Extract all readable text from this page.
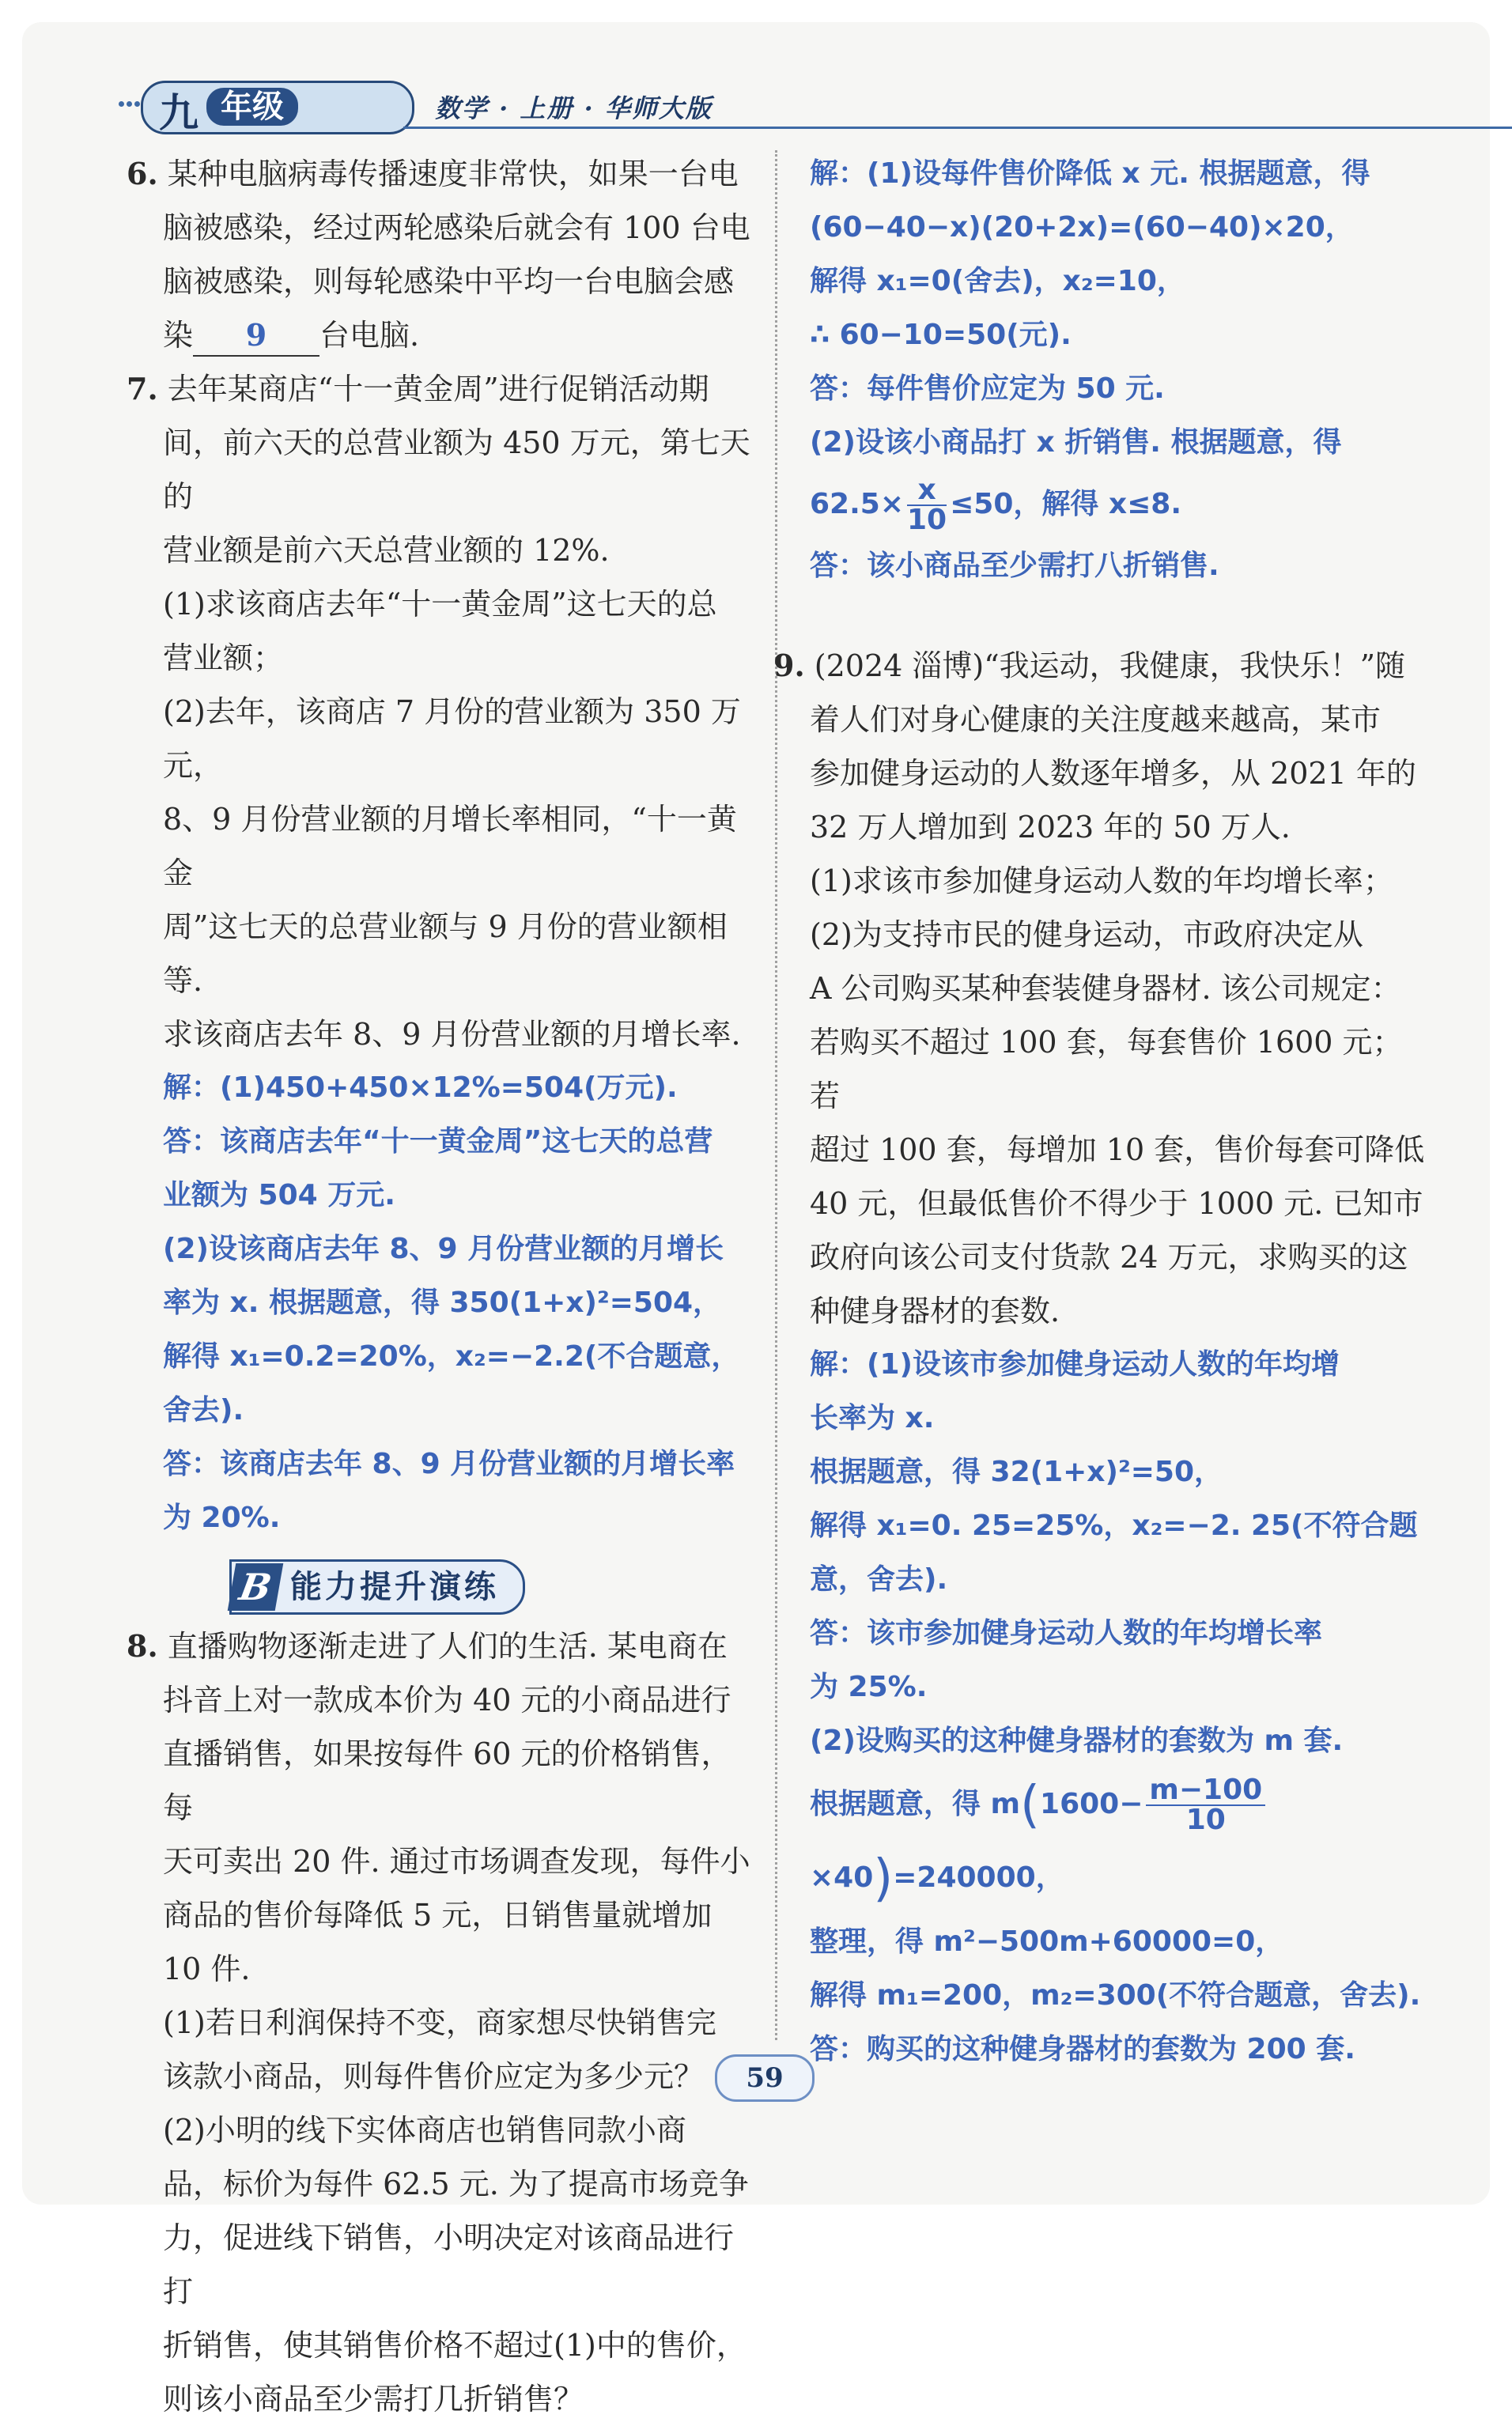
九 年级	数学 · 上册 · 华师大版

6. 某种电脑病毒传播速度非常快，如果一台电

脑被感染，经过两轮感染后就会有 100 台电

脑被感染，则每轮感染中平均一台电脑会感

染 9 台电脑.

7. 去年某商店“十一黄金周”进行促销活动期

间，前六天的总营业额为 450 万元，第七天的

营业额是前六天总营业额的 12%.

(1)求该商店去年“十一黄金周”这七天的总

营业额；

(2)去年，该商店 7 月份的营业额为 350 万元，

8、9 月份营业额的月增长率相同，“十一黄金

周”这七天的总营业额与 9 月份的营业额相等.

求该商店去年 8、9 月份营业额的月增长率.

解：(1)450+450×12%=504(万元).

答：该商店去年“十一黄金周”这七天的总营

业额为 504 万元.

(2)设该商店去年 8、9 月份营业额的月增长

率为 x. 根据题意，得 350(1+x)²=504，

解得 x₁=0.2=20%，x₂=−2.2(不合题意，舍去).

答：该商店去年 8、9 月份营业额的月增长率

为 20%.

B 能力提升演练

8. 直播购物逐渐走进了人们的生活. 某电商在

抖音上对一款成本价为 40 元的小商品进行

直播销售，如果按每件 60 元的价格销售，每

天可卖出 20 件. 通过市场调查发现，每件小

商品的售价每降低 5 元，日销售量就增加

10 件.

(1)若日利润保持不变，商家想尽快销售完

该款小商品，则每件售价应定为多少元？

(2)小明的线下实体商店也销售同款小商

品，标价为每件 62.5 元. 为了提高市场竞争

力，促进线下销售，小明决定对该商品进行打

折销售，使其销售价格不超过(1)中的售价，

则该小商品至少需打几折销售？

解：(1)设每件售价降低 x 元. 根据题意，得

(60−40−x)(20+2x)=(60−40)×20，

解得 x₁=0(舍去)，x₂=10，

∴ 60−10=50(元).

答：每件售价应定为 50 元.

(2)设该小商品打 x 折销售. 根据题意，得

$62.5\times \frac{x}{10} \le 50$，解得 x≤8.

答：该小商品至少需打八折销售.

9. (2024 淄博)“我运动，我健康，我快乐！”随

着人们对身心健康的关注度越来越高，某市

参加健身运动的人数逐年增多，从 2021 年的

32 万人增加到 2023 年的 50 万人.

(1)求该市参加健身运动人数的年均增长率；

(2)为支持市民的健身运动，市政府决定从

A 公司购买某种套装健身器材. 该公司规定：

若购买不超过 100 套，每套售价 1600 元；若

超过 100 套，每增加 10 套，售价每套可降低

40 元，但最低售价不得少于 1000 元. 已知市

政府向该公司支付货款 24 万元，求购买的这

种健身器材的套数.

解：(1)设该市参加健身运动人数的年均增

长率为 x.

根据题意，得 32(1+x)²=50，

解得 x₁=0. 25=25%，x₂=−2. 25(不符合题

意，舍去).

答：该市参加健身运动人数的年均增长率

为 25%.

(2)设购买的这种健身器材的套数为 m 套.

根据题意，得 $m(1600- \frac{m-100}{10}$
×40)=240000，

整理，得 m²−500m+60000=0，

解得 m₁=200，m₂=300(不符合题意，舍去).

答：购买的这种健身器材的套数为 200 套.

59
